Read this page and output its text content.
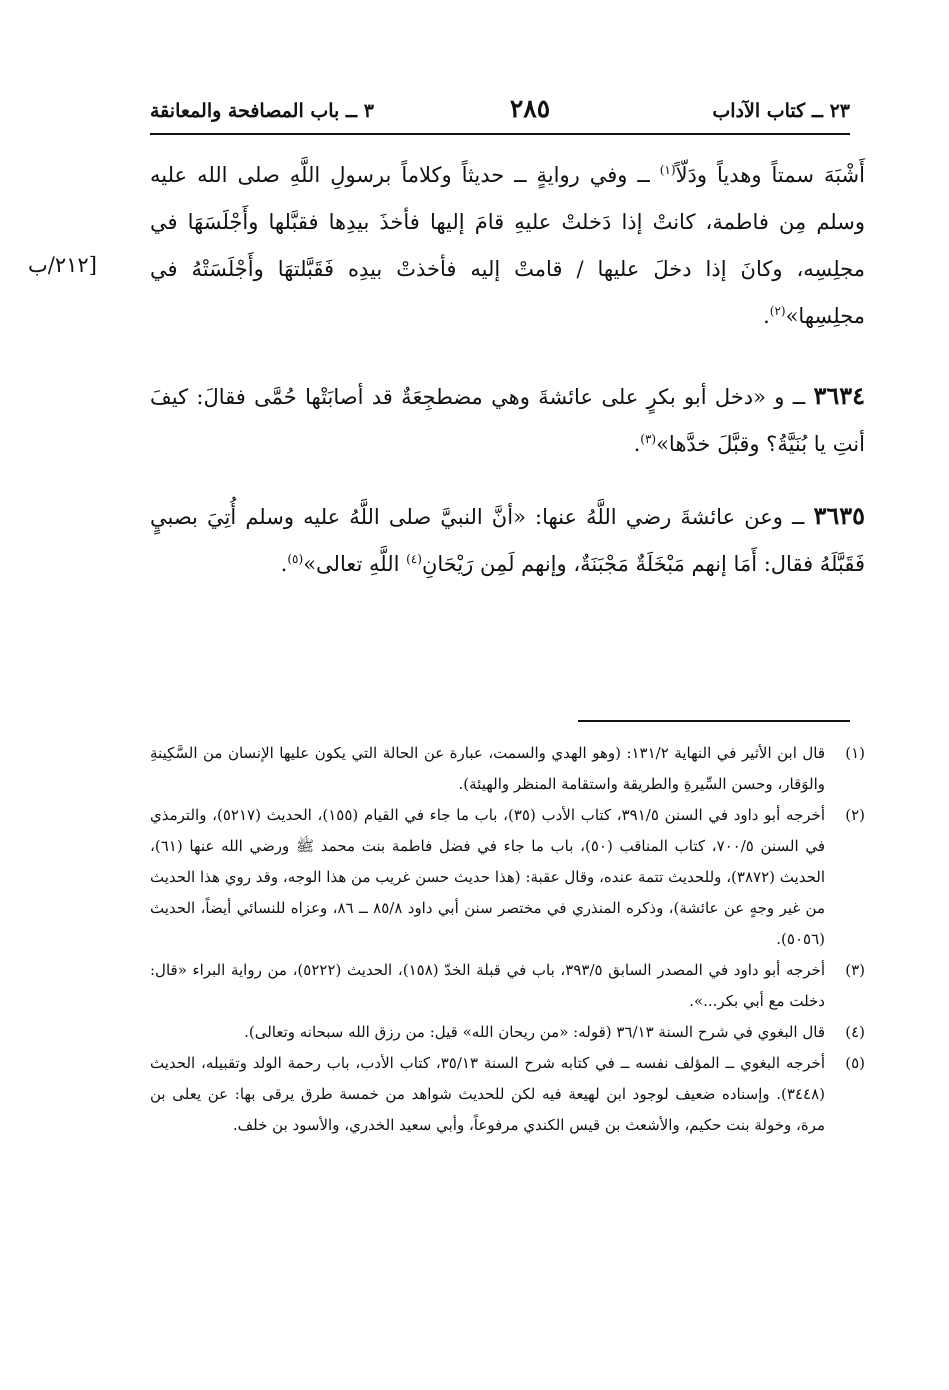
٢٣ ــ كتاب الآداب
٢٨٥
٣ ــ باب المصافحة والمعانقة
[٢١٢/ب
أَشْبَهَ سمتاً وهدياً ودَلّاً$^{(١)}$ ــ وفي روايةٍ ــ حديثاً وكلاماً برسولِ اللَّهِ صلى الله عليه وسلم مِن فاطمة، كانتْ إذا دَخلتْ عليهِ قامَ إليها فأخذَ بيدِها فقبَّلها وأَجْلَسَهَا في مجلِسِه، وكانَ إذا دخلَ عليها / قامتْ إليه فأخذتْ بيدِه فَقَبَّلتهَا وأَجْلَسَتْهُ في مجلِسِها»$^{(٢)}$.
٣٦٣٤ ــ و «دخل أبو بكرٍ على عائشةَ وهي مضطجِعَةٌ قد أصابَتْها حُمَّى فقالَ: كيفَ أنتِ يا بُنَيَّةُ؟ وقبَّلَ خدَّها»$^{(٣)}$.
٣٦٣٥ ــ وعن عائشةَ رضي اللَّهُ عنها: «أنَّ النبيَّ صلى اللَّهُ عليه وسلم أُتِيَ بصبيٍ فَقَبَّلَهُ فقال: أَمَا إنهم مَبْخَلَةٌ مَجْبَنَةٌ، وإنهم لَمِن رَيْحَانِ$^{(٤)}$ اللَّهِ تعالى»$^{(٥)}$.
(١)
قال ابن الأثير في النهاية ١٣١/٢: (وهو الهدي والسمت، عبارة عن الحالة التي يكون عليها الإنسان من السَّكِينةِ والوَقار، وحسن السِّيرةِ والطريقة واستقامة المنظر والهيئة).
(٢)
أخرجه أبو داود في السنن ٣٩١/٥، كتاب الأدب (٣٥)، باب ما جاء في القيام (١٥٥)، الحديث (٥٢١٧)، والترمذي في السنن ٧٠٠/٥، كتاب المناقب (٥٠)، باب ما جاء في فضل فاطمة بنت محمد ﷺ ورضي الله عنها (٦١)، الحديث (٣٨٧٢)، وللحديث تتمة عنده، وقال عقبة: (هذا حديث حسن غريب من هذا الوجه، وقد روي هذا الحديث من غير وجهٍ عن عائشة)، وذكره المنذري في مختصر سنن أبي داود ٨٥/٨ ــ ٨٦، وعزاه للنسائي أيضاً، الحديث (٥٠٥٦).
(٣)
أخرجه أبو داود في المصدر السابق ٣٩٣/٥، باب في قبلة الخدّ (١٥٨)، الحديث (٥٢٢٢)، من رواية البراء «قال: دخلت مع أبي بكر...».
(٤)
قال البغوي في شرح السنة ٣٦/١٣ (قوله: «من ريحان الله» قيل: من رزق الله سبحانه وتعالى).
(٥)
أخرجه البغوي ــ المؤلف نفسه ــ في كتابه شرح السنة ٣٥/١٣، كتاب الأدب، باب رحمة الولد وتقبيله، الحديث (٣٤٤٨). وإسناده ضعيف لوجود ابن لهيعة فيه لكن للحديث شواهد من خمسة طرق يرقى بها: عن يعلى بن مرة، وخولة بنت حكيم، والأشعث بن قيس الكندي مرفوعاً، وأبي سعيد الخدري، والأسود بن خلف.
